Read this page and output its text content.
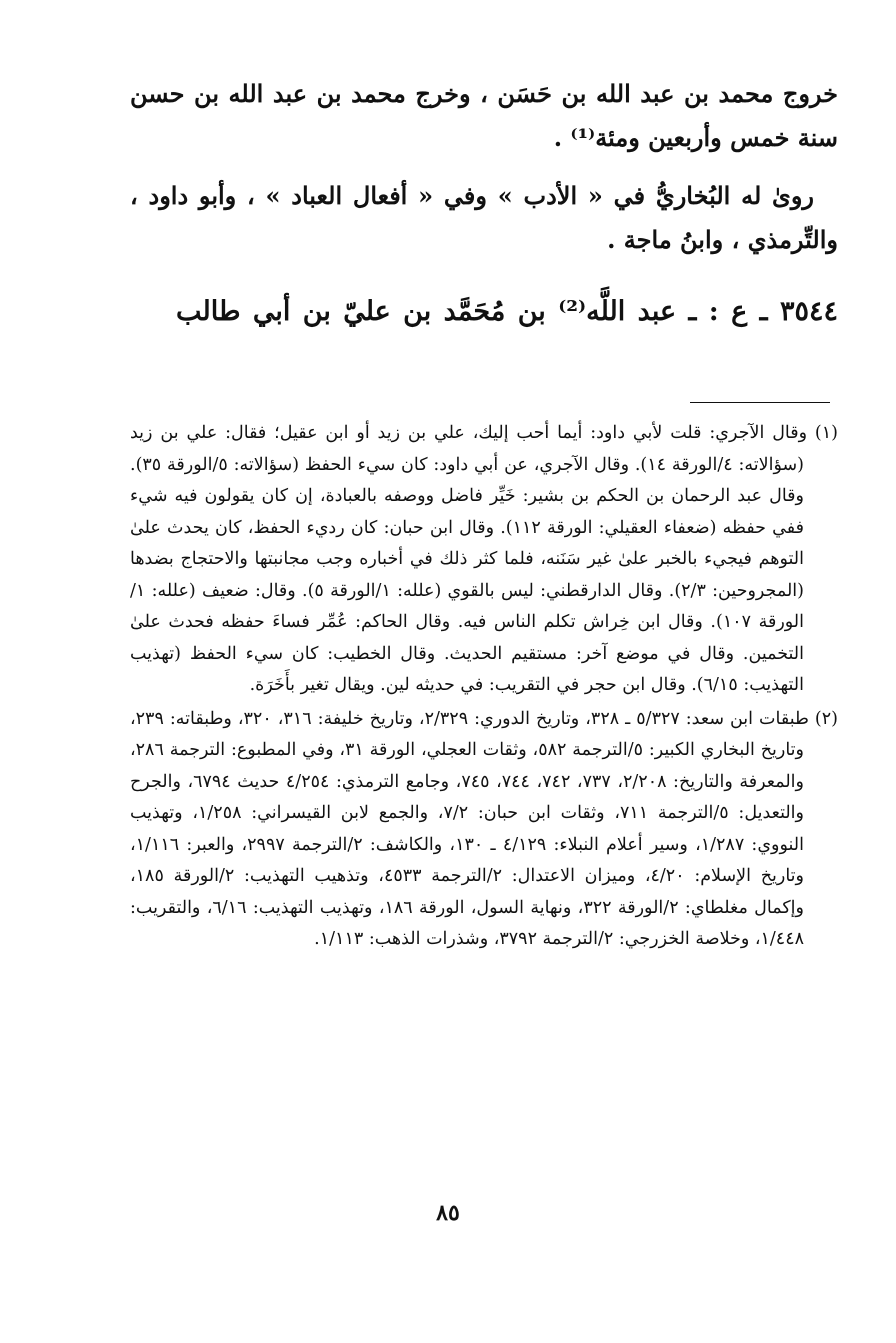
خروج محمد بن عبد الله بن حَسَن ، وخرج محمد بن عبد الله بن حسن سنة خمس وأربعين ومئة⁽¹⁾ .

روىٰ له البُخاريُّ في « الأدب » وفي « أفعال العباد » ، وأبو داود ، والتِّرمذي ، وابنُ ماجة .

٣٥٤٤ ـ ع : ـ عبد اللَّه⁽²⁾ بن مُحَمَّد بن عليّ بن أبي طالب

(١) وقال الآجري: قلت لأبي داود: أيما أحب إليك، علي بن زيد أو ابن عقيل؛ فقال: علي بن زيد (سؤالاته: ٤/الورقة ١٤). وقال الآجري، عن أبي داود: كان سيء الحفظ (سؤالاته: ٥/الورقة ٣٥). وقال عبد الرحمان بن الحكم بن بشير: خَيِّر فاضل ووصفه بالعبادة، إن كان يقولون فيه شيء ففي حفظه (ضعفاء العقيلي: الورقة ١١٢). وقال ابن حبان: كان رديء الحفظ، كان يحدث علىٰ التوهم فيجيء بالخبر علىٰ غير سَنَنه، فلما كثر ذلك في أخباره وجب مجانبتها والاحتجاج بضدها (المجروحين: ٢/٣). وقال الدارقطني: ليس بالقوي (علله: ١/الورقة ٥). وقال: ضعيف (علله: ١/الورقة ١٠٧). وقال ابن خِراش تكلم الناس فيه. وقال الحاكم: عُمِّر فساءَ حفظه فحدث علىٰ التخمين. وقال في موضع آخر: مستقيم الحديث. وقال الخطيب: كان سيء الحفظ (تهذيب التهذيب: ٦/١٥). وقال ابن حجر في التقريب: في حديثه لين. ويقال تغير بأَخَرَة.

(٢) طبقات ابن سعد: ٥/٣٢٧ ـ ٣٢٨، وتاريخ الدوري: ٢/٣٢٩، وتاريخ خليفة: ٣١٦، ٣٢٠، وطبقاته: ٢٣٩، وتاريخ البخاري الكبير: ٥/الترجمة ٥٨٢، وثقات العجلي، الورقة ٣١، وفي المطبوع: الترجمة ٢٨٦، والمعرفة والتاريخ: ٢/٢٠٨، ٧٣٧، ٧٤٢، ٧٤٤، ٧٤٥، وجامع الترمذي: ٤/٢٥٤ حديث ٦٧٩٤، والجرح والتعديل: ٥/الترجمة ٧١١، وثقات ابن حبان: ٧/٢، والجمع لابن القيسراني: ١/٢٥٨، وتهذيب النووي: ١/٢٨٧، وسير أعلام النبلاء: ٤/١٢٩ ـ ١٣٠، والكاشف: ٢/الترجمة ٢٩٩٧، والعبر: ١/١١٦، وتاريخ الإسلام: ٤/٢٠، وميزان الاعتدال: ٢/الترجمة ٤٥٣٣، وتذهيب التهذيب: ٢/الورقة ١٨٥، وإكمال مغلطاي: ٢/الورقة ٣٢٢، ونهاية السول، الورقة ١٨٦، وتهذيب التهذيب: ٦/١٦، والتقريب: ١/٤٤٨، وخلاصة الخزرجي: ٢/الترجمة ٣٧٩٢، وشذرات الذهب: ١/١١٣.

٨٥
